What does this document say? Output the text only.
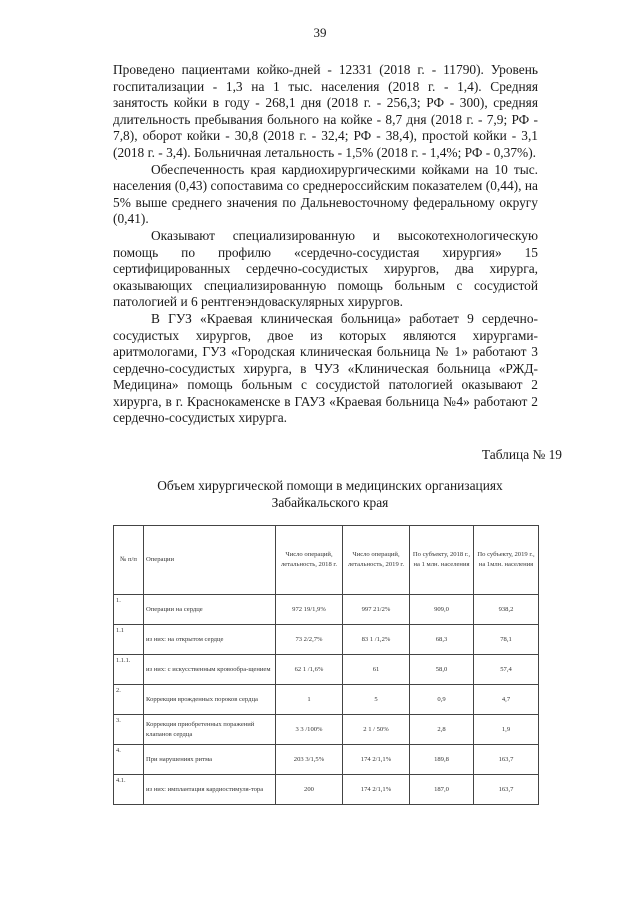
39

Проведено пациентами койко-дней - 12331 (2018 г. - 11790). Уровень госпитализации - 1,3 на 1 тыс. населения (2018 г. - 1,4). Средняя занятость койки в году - 268,1 дня (2018 г. - 256,3; РФ - 300), средняя длительность пребывания больного на койке - 8,7 дня (2018 г. - 7,9; РФ - 7,8), оборот койки - 30,8 (2018 г. - 32,4; РФ - 38,4), простой койки - 3,1 (2018 г. - 3,4). Больничная летальность - 1,5% (2018 г. - 1,4%; РФ - 0,37%).

Обеспеченность края кардиохирургическими койками на 10 тыс. населения (0,43) сопоставима со среднероссийским показателем (0,44), на 5% выше среднего значения по Дальневосточному федеральному округу (0,41).

Оказывают специализированную и высокотехнологическую помощь по профилю «сердечно-сосудистая хирургия» 15 сертифицированных сердечно-сосудистых хирургов, два хирурга, оказывающих специализированную помощь больным с сосудистой патологией и 6 рентгенэндоваскулярных хирургов.

В ГУЗ «Краевая клиническая больница» работает 9 сердечно-сосудистых хирургов, двое из которых являются хирургами-аритмологами, ГУЗ «Городская клиническая больница № 1» работают 3 сердечно-сосудистых хирурга, в ЧУЗ «Клиническая больница «РЖД-Медицина» помощь больным с сосудистой патологией оказывают 2 хирурга, в г. Краснокаменске в ГАУЗ «Краевая больница №4» работают 2 сердечно-сосудистых хирурга.

Таблица № 19
Объем хирургической помощи в медицинских организациях
Забайкальского края
№ п/п	Операции	Число операций, летальность, 2018 г.	Число операций, летальность, 2019 г.	По субъекту, 2018 г., на 1 млн. населения	По субъекту, 2019 г., на 1млн. населения
1.	Операции на сердце	972 19/1,9%	997 21/2%	909,0	938,2
1.1	из них: на открытом сердце	73 2/2,7%	83 1 /1,2%	68,3	78,1
1.1.1.	из них: с искусственным кровообра-щением	62 1 /1,6%	61	58,0	57,4
2.	Коррекция врожденных пороков сердца	1	5	0,9	4,7
3.	Коррекция приобретенных поражений клапанов сердца	3 3 /100%	2 1 / 50%	2,8	1,9
4.	При нарушениях ритма	203 3/1,5%	174 2/1,1%	189,8	163,7
4.1.	из них: имплантация кардиостимуля-тора	200	174 2/1,1%	187,0	163,7
